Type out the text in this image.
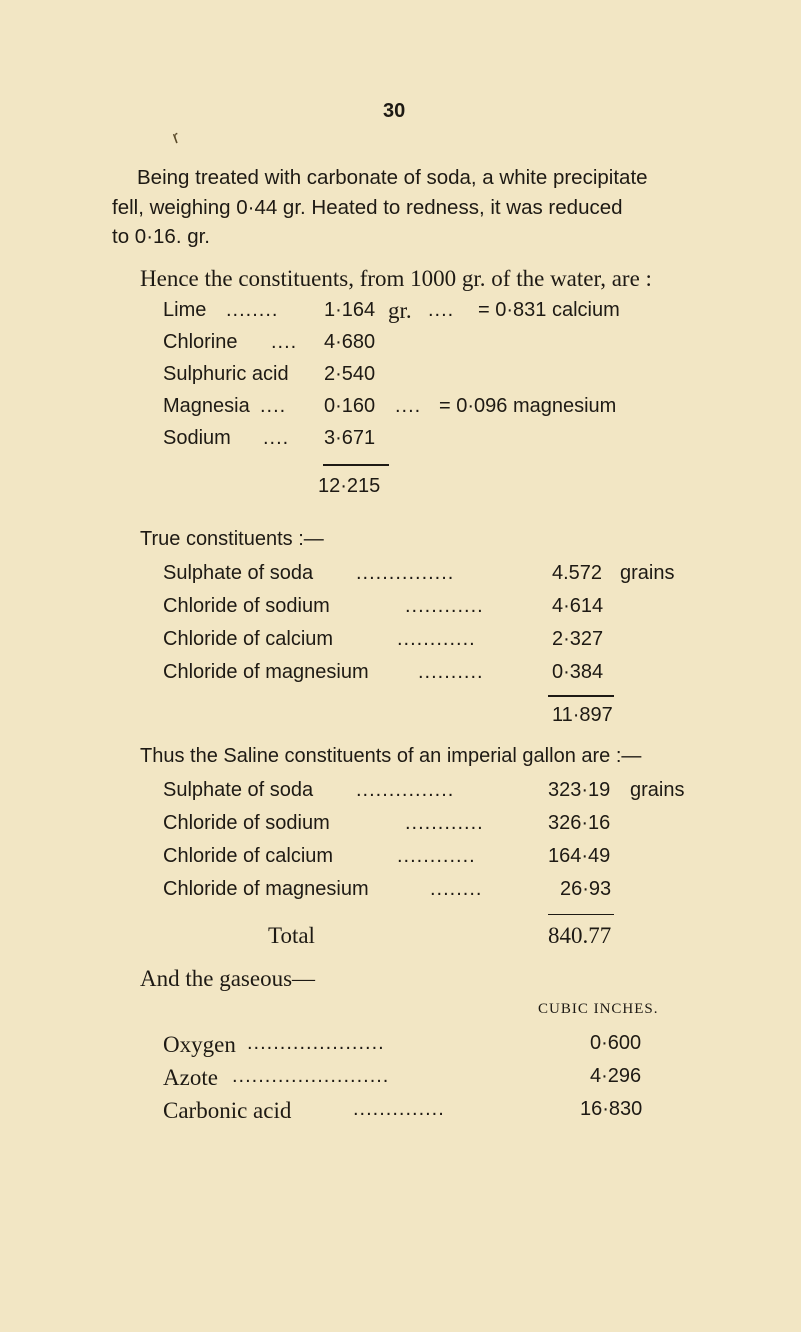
30
r
Being treated with carbonate of soda, a white precipitate
fell, weighing 0·44 gr. Heated to redness, it was reduced
to 0·16. gr.
Hence the constituents, from 1000 gr. of the water, are :
Lime ........ 1·164 gr. .... = 0·831 calcium
Chlorine .... 4·680
Sulphuric acid 2·540
Magnesia .... 0·160 .... = 0·096 magnesium
Sodium .... 3·671
12·215
True constituents :—
Sulphate of soda ...............	4.572 grains
Chloride of sodium	............	4·614
Chloride of calcium	............	2·327
Chloride of magnesium ..........	0·384
11·897
Thus the Saline constituents of an imperial gallon are :—
Sulphate of soda ...............	323·19 grains
Chloride of sodium	............	326·16
Chloride of calcium	............	164·49
Chloride of magnesium	........	26·93
Total	840.77
And the gaseous—
CUBIC INCHES.
Oxygen .....................	0·600
Azote ........................	4·296
Carbonic acid	..............	16·830
